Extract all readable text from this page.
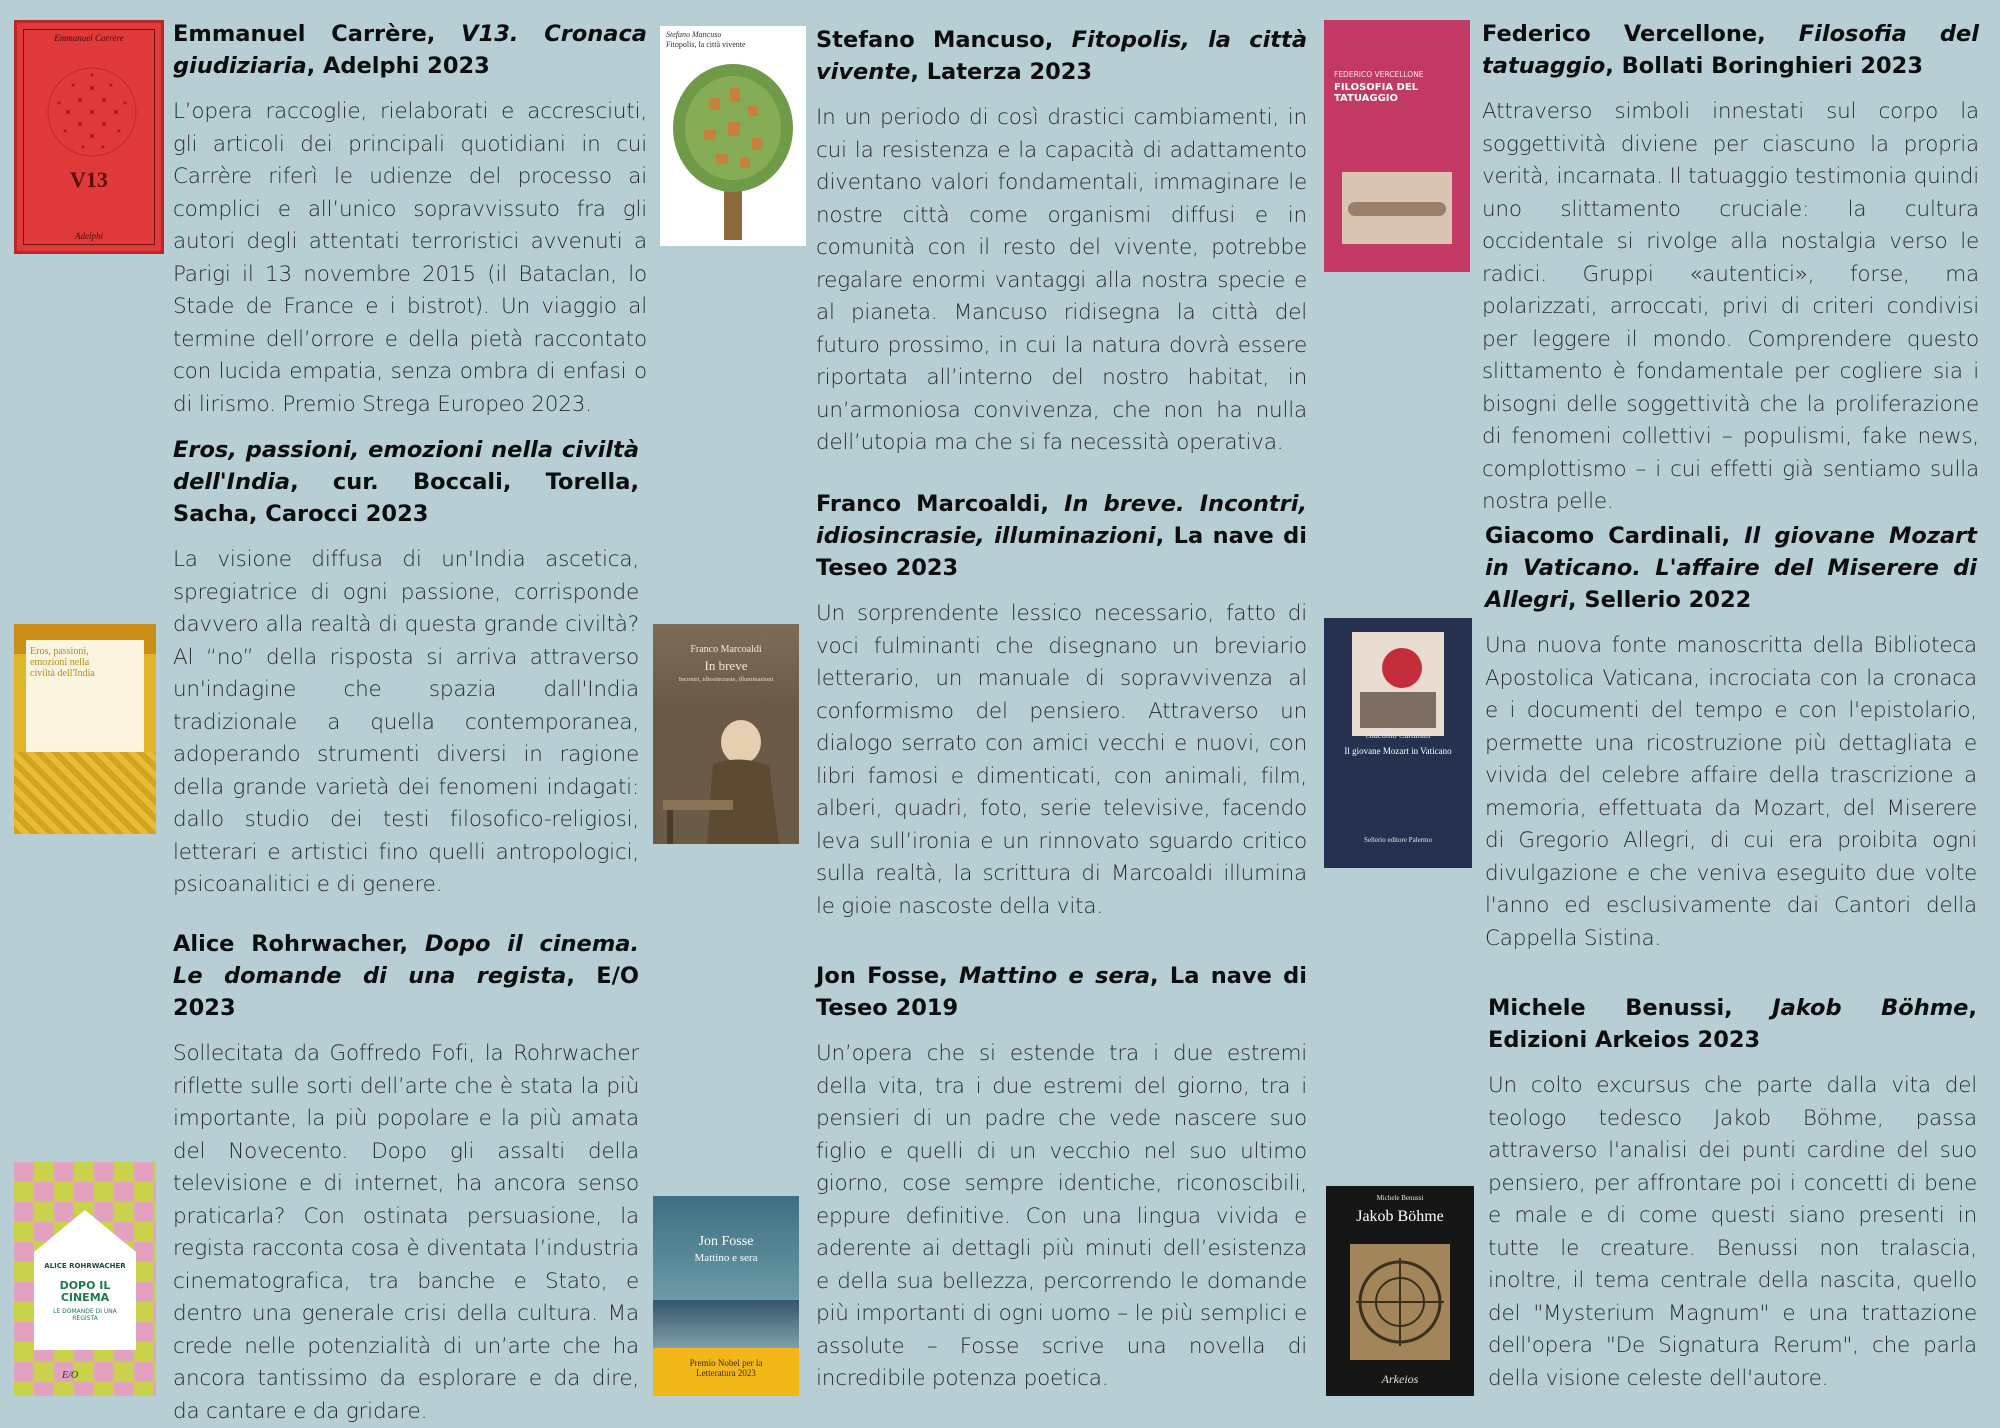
Emmanuel Carrère
V13
Adelphi

Emmanuel Carrère, V13. Cronaca giudiziaria, Adelphi 2023

L’opera raccoglie, rielaborati e accresciuti, gli articoli dei principali quotidiani in cui Carrère riferì le udienze del processo ai complici e all’unico sopravvissuto fra gli autori degli attentati terroristici avvenuti a Parigi il 13 novembre 2015 (il Bataclan, lo Stade de France e i bistrot). Un viaggio al termine dell’orrore e della pietà raccontato con lucida empatia, senza ombra di enfasi o di lirismo. Premio Strega Europeo 2023.

Eros, passioni, emozioni nella civiltà dell'India

Eros, passioni, emozioni nella civiltà dell'India, cur. Boccali, Torella, Sacha, Carocci 2023

La visione diffusa di un'India ascetica, spregiatrice di ogni passione, corrisponde davvero alla realtà di questa grande civiltà? Al “no” della risposta si arriva attraverso un'indagine che spazia dall'India tradizionale a quella contemporanea, adoperando strumenti diversi in ragione della grande varietà dei fenomeni indagati: dallo studio dei testi filosofico-religiosi, letterari e artistici fino quelli antropologici, psicoanalitici e di genere.

ALICE ROHRWACHER
DOPO IL CINEMA
LE DOMANDE DI UNA REGISTA
E/O

Alice Rohrwacher, Dopo il cinema. Le domande di una regista, E/O 2023

Sollecitata da Goffredo Fofi, la Rohrwacher riflette sulle sorti dell’arte che è stata la più importante, la più popolare e la più amata del Novecento. Dopo gli assalti della televisione e di internet, ha ancora senso praticarla? Con ostinata persuasione, la regista racconta cosa è diventata l’industria cinematografica, tra banche e Stato, e dentro una generale crisi della cultura. Ma crede nelle potenzialità di un’arte che ha ancora tantissimo da esplorare e da dire, da cantare e da gridare.

Stefano Mancuso
Fitopolis, la città vivente	Stefano Mancuso, Fitopolis, la città vivente, Laterza 2023

In un periodo di così drastici cambiamenti, in cui la resistenza e la capacità di adattamento diventano valori fondamentali, immaginare le nostre città come organismi diffusi e in comunità con il resto del vivente, potrebbe regalare enormi vantaggi alla nostra specie e al pianeta. Mancuso ridisegna la città del futuro prossimo, in cui la natura dovrà essere riportata all’interno del nostro habitat, in un’armoniosa convivenza, che non ha nulla dell’utopia ma che si fa necessità operativa.

Franco Marcoaldi
In breve
Incontri, idiosincrasie, illuminazioni

Franco Marcoaldi, In breve. Incontri, idiosincrasie, illuminazioni, La nave di Teseo 2023

Un sorprendente lessico necessario, fatto di voci fulminanti che disegnano un breviario letterario, un manuale di sopravvivenza al conformismo del pensiero. Attraverso un dialogo serrato con amici vecchi e nuovi, con libri famosi e dimenticati, con animali, film, alberi, quadri, foto, serie televisive, facendo leva sull’ironia e un rinnovato sguardo critico sulla realtà, la scrittura di Marcoaldi illumina le gioie nascoste della vita.

Jon Fosse
Mattino e sera
Premio Nobel per la Letteratura 2023

Jon Fosse, Mattino e sera, La nave di Teseo 2019

Un’opera che si estende tra i due estremi della vita, tra i due estremi del giorno, tra i pensieri di un padre che vede nascere suo figlio e quelli di un vecchio nel suo ultimo giorno, cose sempre identiche, riconoscibili, eppure definitive. Con una lingua vivida e aderente ai dettagli più minuti dell’esistenza e della sua bellezza, percorrendo le domande più importanti di ogni uomo – le più semplici e assolute – Fosse scrive una novella di incredibile potenza poetica.

FEDERICO VERCELLONE
FILOSOFIA DEL TATUAGGIO

Federico Vercellone, Filosofia del tatuaggio, Bollati Boringhieri 2023

Attraverso simboli innestati sul corpo la soggettività diviene per ciascuno la propria verità, incarnata. Il tatuaggio testimonia quindi uno slittamento cruciale: la cultura occidentale si rivolge alla nostalgia verso le radici. Gruppi «autentici», forse, ma polarizzati, arroccati, privi di criteri condivisi per leggere il mondo. Comprendere questo slittamento è fondamentale per cogliere sia i bisogni delle soggettività che la proliferazione di fenomeni collettivi – populismi, fake news, complottismo – i cui effetti già sentiamo sulla nostra pelle.

Giacomo Cardinali
Il giovane Mozart in Vaticano
Sellerio editore Palermo

Giacomo Cardinali, Il giovane Mozart in Vaticano. L'affaire del Miserere di Allegri, Sellerio 2022

Una nuova fonte manoscritta della Biblioteca Apostolica Vaticana, incrociata con la cronaca e i documenti del tempo e con l'epistolario, permette una ricostruzione più dettagliata e vivida del celebre affaire della trascrizione a memoria, effettuata da Mozart, del Miserere di Gregorio Allegri, di cui era proibita ogni divulgazione e che veniva eseguito due volte l'anno ed esclusivamente dai Cantori della Cappella Sistina.

Michele Benussi
Jakob Böhme
Arkeios

Michele Benussi, Jakob Böhme, Edizioni Arkeios 2023

Un colto excursus che parte dalla vita del teologo tedesco Jakob Böhme, passa attraverso l'analisi dei punti cardine del suo pensiero, per affrontare poi i concetti di bene e male e di come questi siano presenti in tutte le creature. Benussi non tralascia, inoltre, il tema centrale della nascita, quello del "Mysterium Magnum" e una trattazione dell'opera "De Signatura Rerum", che parla della visione celeste dell'autore.
